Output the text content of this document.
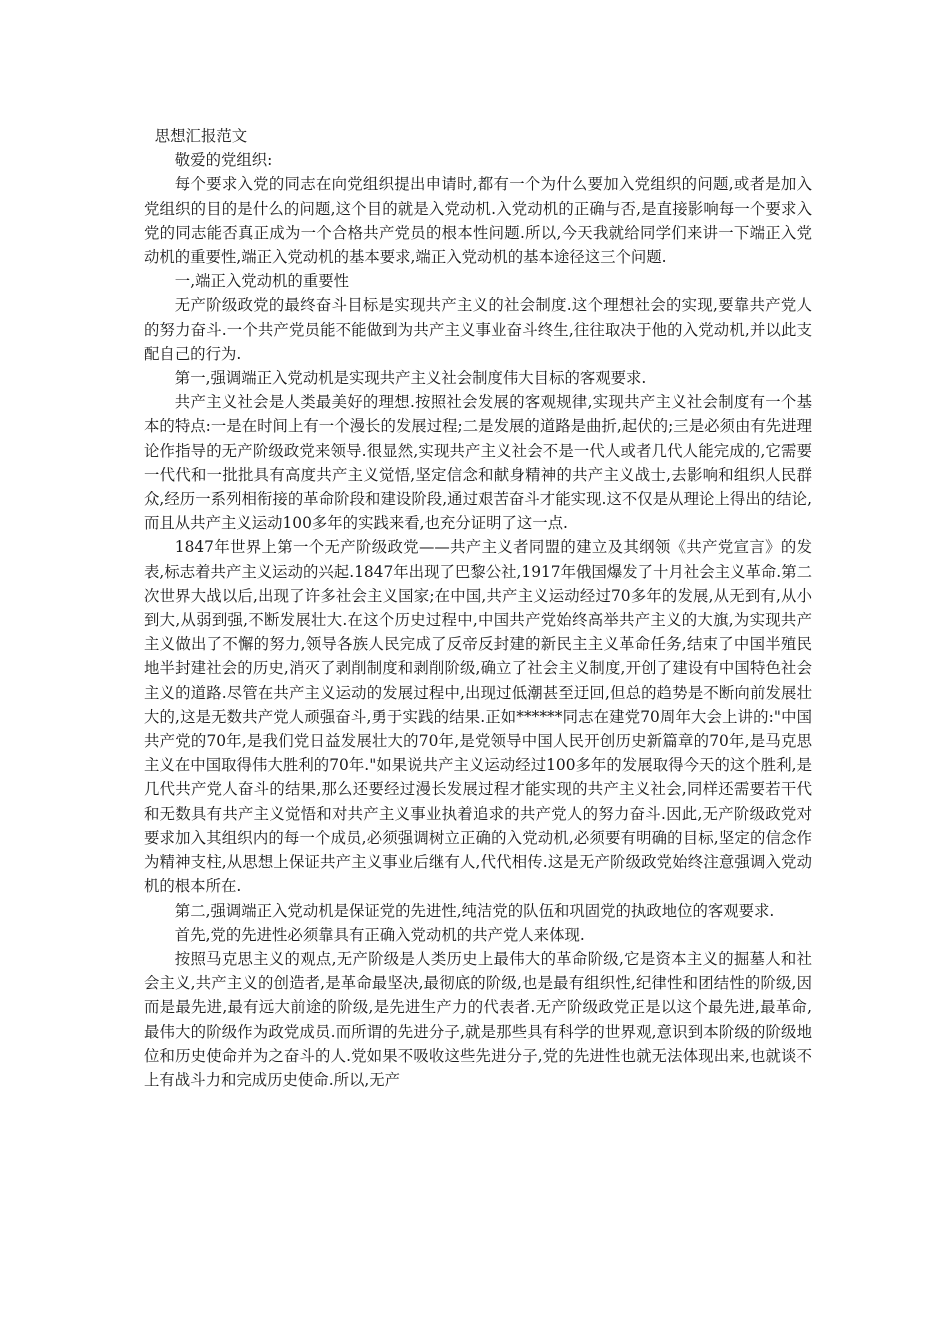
思想汇报范文

敬爱的党组织:

每个要求入党的同志在向党组织提出申请时,都有一个为什么要加入党组织的问题,或者是加入党组织的目的是什么的问题,这个目的就是入党动机.入党动机的正确与否,是直接影响每一个要求入党的同志能否真正成为一个合格共产党员的根本性问题.所以,今天我就给同学们来讲一下端正入党动机的重要性,端正入党动机的基本要求,端正入党动机的基本途径这三个问题.

一,端正入党动机的重要性

无产阶级政党的最终奋斗目标是实现共产主义的社会制度.这个理想社会的实现,要靠共产党人的努力奋斗.一个共产党员能不能做到为共产主义事业奋斗终生,往往取决于他的入党动机,并以此支配自己的行为.

第一,强调端正入党动机是实现共产主义社会制度伟大目标的客观要求.

共产主义社会是人类最美好的理想.按照社会发展的客观规律,实现共产主义社会制度有一个基本的特点:一是在时间上有一个漫长的发展过程;二是发展的道路是曲折,起伏的;三是必须由有先进理论作指导的无产阶级政党来领导.很显然,实现共产主义社会不是一代人或者几代人能完成的,它需要一代代和一批批具有高度共产主义觉悟,坚定信念和献身精神的共产主义战士,去影响和组织人民群众,经历一系列相衔接的革命阶段和建设阶段,通过艰苦奋斗才能实现.这不仅是从理论上得出的结论,而且从共产主义运动100多年的实践来看,也充分证明了这一点.

1847年世界上第一个无产阶级政党——共产主义者同盟的建立及其纲领《共产党宣言》的发表,标志着共产主义运动的兴起.1847年出现了巴黎公社,1917年俄国爆发了十月社会主义革命.第二次世界大战以后,出现了许多社会主义国家;在中国,共产主义运动经过70多年的发展,从无到有,从小到大,从弱到强,不断发展壮大.在这个历史过程中,中国共产党始终高举共产主义的大旗,为实现共产主义做出了不懈的努力,领导各族人民完成了反帝反封建的新民主主义革命任务,结束了中国半殖民地半封建社会的历史,消灭了剥削制度和剥削阶级,确立了社会主义制度,开创了建设有中国特色社会主义的道路.尽管在共产主义运动的发展过程中,出现过低潮甚至迂回,但总的趋势是不断向前发展壮大的,这是无数共产党人顽强奋斗,勇于实践的结果.正如******同志在建党70周年大会上讲的:"中国共产党的70年,是我们党日益发展壮大的70年,是党领导中国人民开创历史新篇章的70年,是马克思主义在中国取得伟大胜利的70年."如果说共产主义运动经过100多年的发展取得今天的这个胜利,是几代共产党人奋斗的结果,那么还要经过漫长发展过程才能实现的共产主义社会,同样还需要若干代和无数具有共产主义觉悟和对共产主义事业执着追求的共产党人的努力奋斗.因此,无产阶级政党对要求加入其组织内的每一个成员,必须强调树立正确的入党动机,必须要有明确的目标,坚定的信念作为精神支柱,从思想上保证共产主义事业后继有人,代代相传.这是无产阶级政党始终注意强调入党动机的根本所在.

第二,强调端正入党动机是保证党的先进性,纯洁党的队伍和巩固党的执政地位的客观要求.

首先,党的先进性必须靠具有正确入党动机的共产党人来体现.

按照马克思主义的观点,无产阶级是人类历史上最伟大的革命阶级,它是资本主义的掘墓人和社会主义,共产主义的创造者,是革命最坚决,最彻底的阶级,也是最有组织性,纪律性和团结性的阶级,因而是最先进,最有远大前途的阶级,是先进生产力的代表者.无产阶级政党正是以这个最先进,最革命,最伟大的阶级作为政党成员.而所谓的先进分子,就是那些具有科学的世界观,意识到本阶级的阶级地位和历史使命并为之奋斗的人.党如果不吸收这些先进分子,党的先进性也就无法体现出来,也就谈不上有战斗力和完成历史使命.所以,无产
